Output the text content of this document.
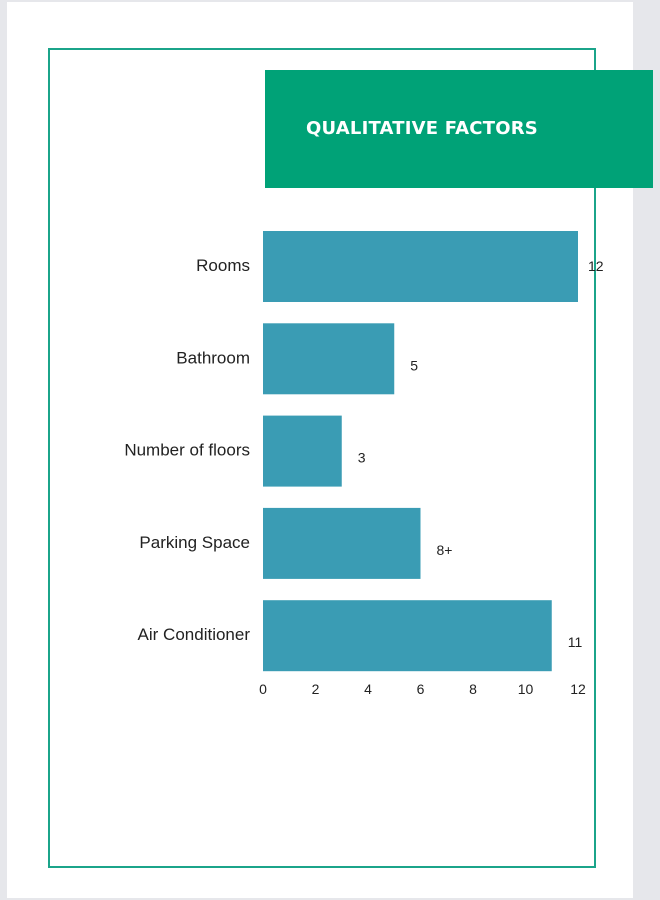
QUALITATIVE FACTORS
Rooms	12
Bathroom	5
Number of floors	3
Parking Space	8+
Air Conditioner	11
0	2	4	6	8	10	12
